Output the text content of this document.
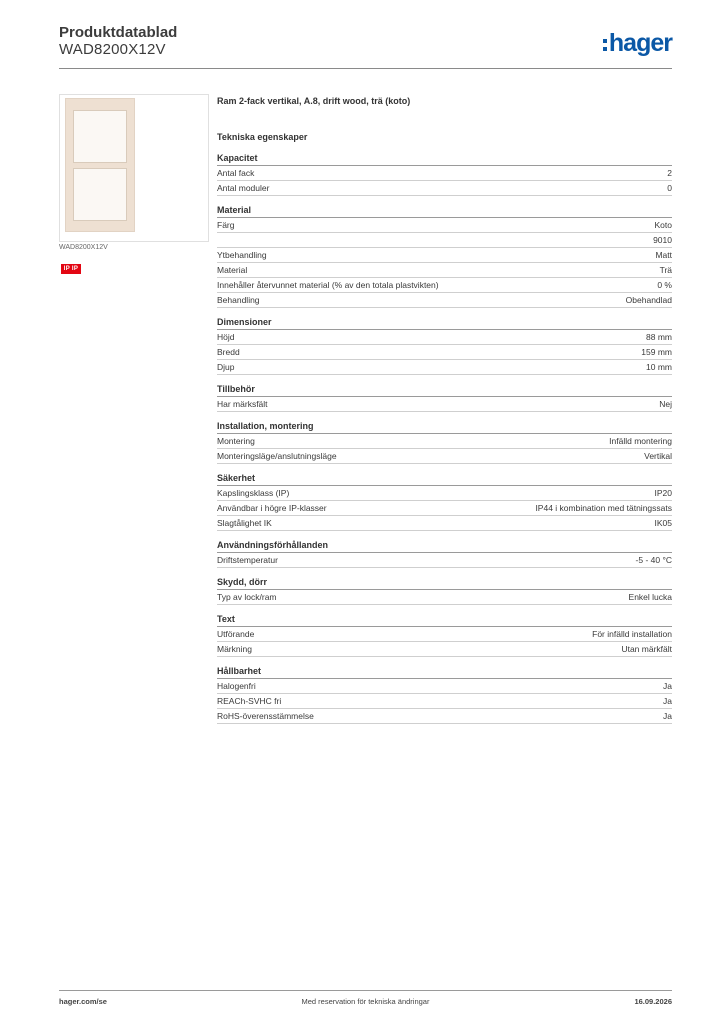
Produktdatablad
WAD8200X12V	hager
WAD8200X12V
IP IP
Ram 2-fack vertikal, A.8, drift wood, trä (koto)
Tekniska egenskaper
Kapacitet
Antal fack	2
Antal moduler	0
Material
Färg	Koto
9010
Ytbehandling	Matt
Material	Trä
Innehåller återvunnet material (% av den totala plastvikten)	0 %
Behandling	Obehandlad
Dimensioner
Höjd	88 mm
Bredd	159 mm
Djup	10 mm
Tillbehör
Har märksfält	Nej
Installation, montering
Montering	Infälld montering
Monteringsläge/anslutningsläge	Vertikal
Säkerhet
Kapslingsklass (IP)	IP20
Användbar i högre IP-klasser	IP44 i kombination med tätningssats
Slagtålighet IK	IK05
Användningsförhållanden
Driftstemperatur	-5 - 40 °C
Skydd, dörr
Typ av lock/ram	Enkel lucka
Text
Utförande	För infälld installation
Märkning	Utan märkfält
Hållbarhet
Halogenfri	Ja
REACh-SVHC fri	Ja
RoHS-överensstämmelse	Ja
hager.com/se	Med reservation för tekniska ändringar	16.09.2026
